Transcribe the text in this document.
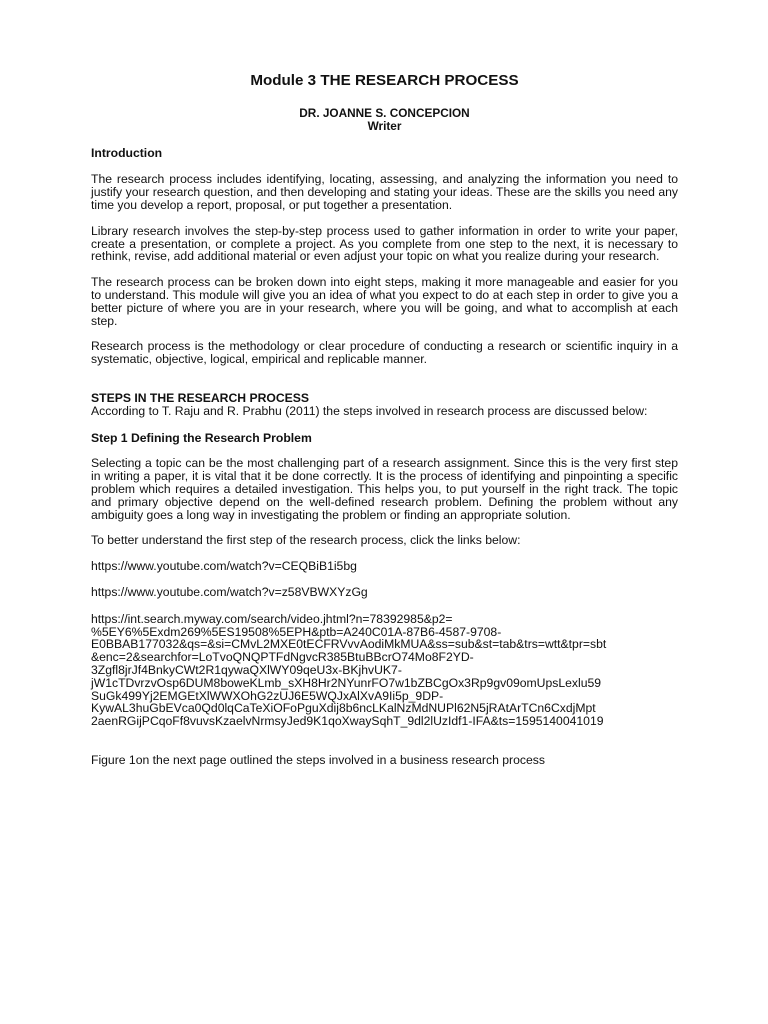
Module 3 THE RESEARCH PROCESS
DR. JOANNE S. CONCEPCION
Writer

Introduction

The research process includes identifying, locating, assessing, and analyzing the information you need to justify your research question, and then developing and stating your ideas. These are the skills you need any time you develop a report, proposal, or put together a presentation.

Library research involves the step-by-step process used to gather information in order to write your paper, create a presentation, or complete a project. As you complete from one step to the next, it is necessary to rethink, revise, add additional material or even adjust your topic on what you realize during your research.

The research process can be broken down into eight steps, making it more manageable and easier for you to understand. This module will give you an idea of what you expect to do at each step in order to give you a better picture of where you are in your research, where you will be going, and what to accomplish at each step.

Research process is the methodology or clear procedure of conducting a research or scientific inquiry in a systematic, objective, logical, empirical and replicable manner.

STEPS IN THE RESEARCH PROCESS

According to T. Raju and R. Prabhu (2011) the steps involved in research process are discussed below:

Step 1 Defining the Research Problem

Selecting a topic can be the most challenging part of a research assignment. Since this is the very first step in writing a paper, it is vital that it be done correctly. It is the process of identifying and pinpointing a specific problem which requires a detailed investigation. This helps you, to put yourself in the right track. The topic and primary objective depend on the well-defined research problem. Defining the problem without any ambiguity goes a long way in investigating the problem or finding an appropriate solution.

To better understand the first step of the research process, click the links below:

https://www.youtube.com/watch?v=CEQBiB1i5bg

https://www.youtube.com/watch?v=z58VBWXYzGg

https://int.search.myway.com/search/video.jhtml?n=78392985&p2=
%5EY6%5Exdm269%5ES19508%5EPH&ptb=A240C01A-87B6-4587-9708-
E0BBAB177032&qs=&si=CMvL2MXE0tECFRVvvAodiMkMUA&ss=sub&st=tab&trs=wtt&tpr=sbt
&enc=2&searchfor=LoTvoQNQPTFdNgvcR385BtuBBcrO74Mo8F2YD-
3Zgfl8jrJf4BnkyCWt2R1qywaQXlWY09qeU3x-BKjhvUK7-
jW1cTDvrzvOsp6DUM8boweKLmb_sXH8Hr2NYunrFO7w1bZBCgOx3Rp9gv09omUpsLexlu59
SuGk499Yj2EMGEtXlWWXOhG2zUJ6E5WQJxAlXvA9Ii5p_9DP-
KywAL3huGbEVca0Qd0lqCaTeXiOFoPguXdij8b6ncLKalNzMdNUPl62N5jRAtArTCn6CxdjMpt
2aenRGijPCqoFf8vuvsKzaelvNrmsyJed9K1qoXwaySqhT_9dl2lUzIdf1-IFA&ts=1595140041019

Figure 1on the next page outlined the steps involved in a business research process
